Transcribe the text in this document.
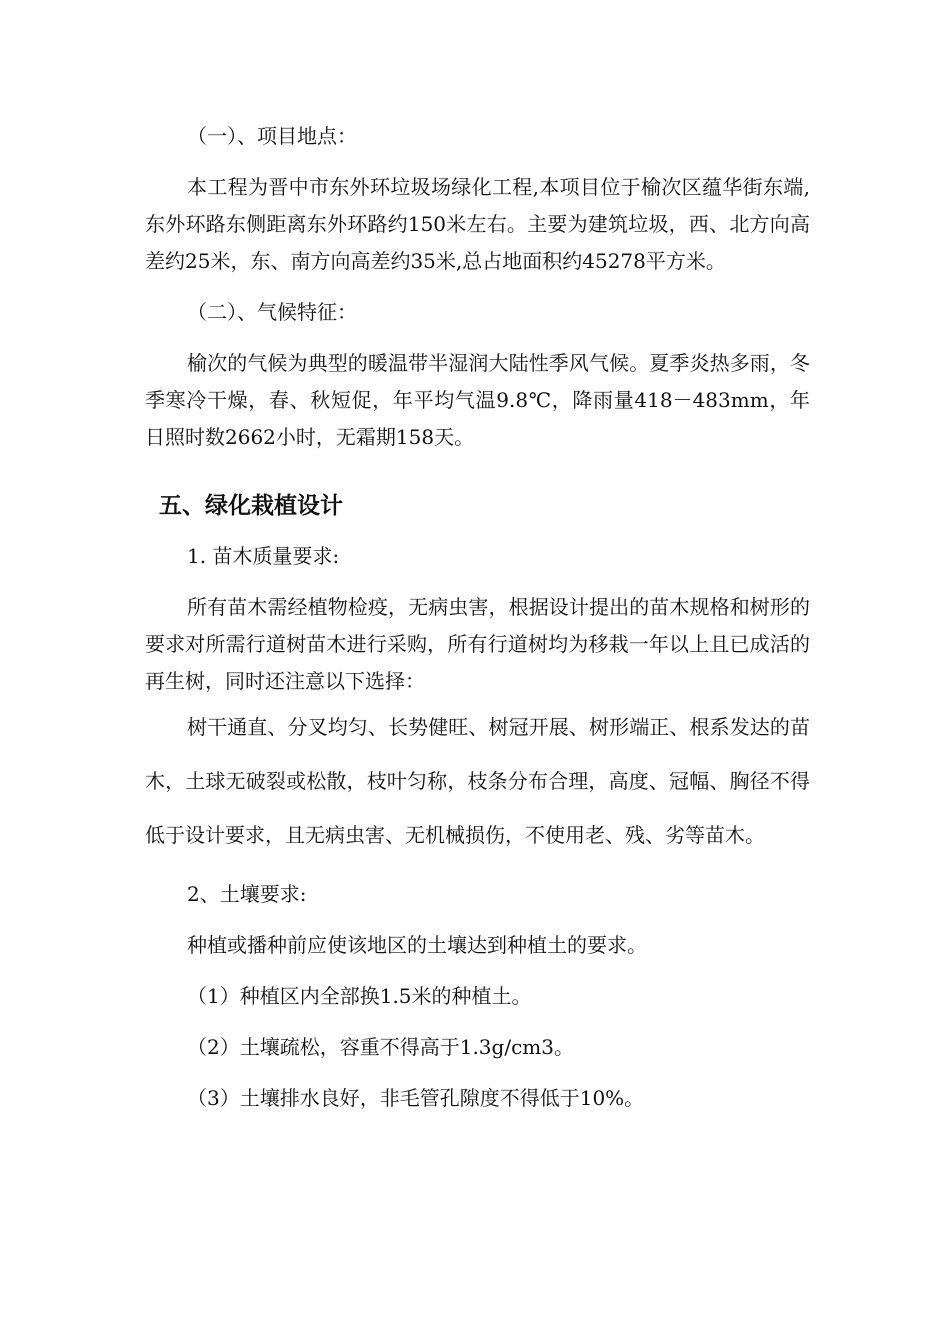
（一）、项目地点：

本工程为晋中市东外环垃圾场绿化工程,本项目位于榆次区蕴华街东端,东外环路东侧距离东外环路约150米左右。主要为建筑垃圾，西、北方向高差约25米，东、南方向高差约35米,总占地面积约45278平方米。

（二）、气候特征：

榆次的气候为典型的暖温带半湿润大陆性季风气候。夏季炎热多雨，冬季寒冷干燥，春、秋短促，年平均气温9.8℃，降雨量418－483mm，年日照时数2662小时，无霜期158天。

五、绿化栽植设计

1. 苗木质量要求:

所有苗木需经植物检疫，无病虫害，根据设计提出的苗木规格和树形的要求对所需行道树苗木进行采购，所有行道树均为移栽一年以上且已成活的再生树，同时还注意以下选择：

树干通直、分叉均匀、长势健旺、树冠开展、树形端正、根系发达的苗木，土球无破裂或松散，枝叶匀称，枝条分布合理，高度、冠幅、胸径不得低于设计要求，且无病虫害、无机械损伤，不使用老、残、劣等苗木。

2、土壤要求:

种植或播种前应使该地区的土壤达到种植土的要求。

（1）种植区内全部换1.5米的种植土。

（2）土壤疏松，容重不得高于1.3g/cm3。

（3）土壤排水良好，非毛管孔隙度不得低于10%。
